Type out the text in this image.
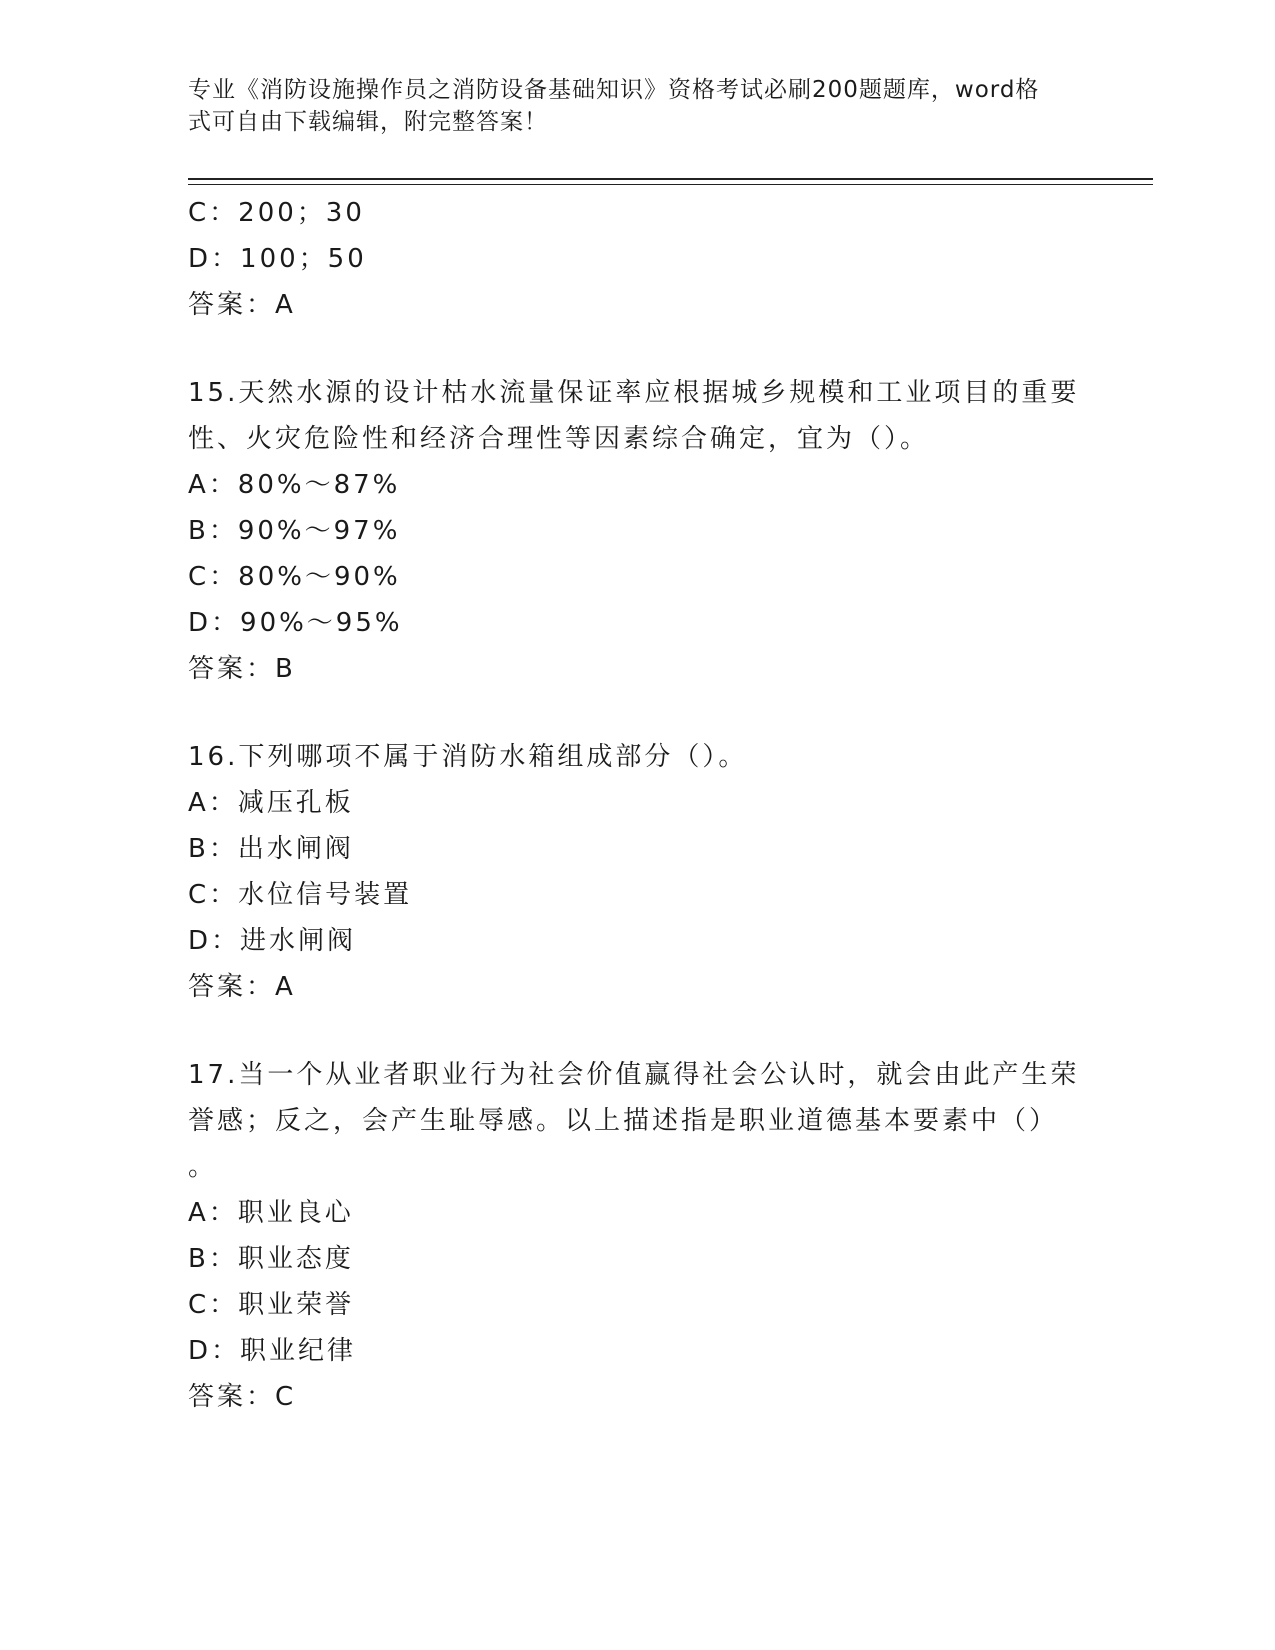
专业《消防设施操作员之消防设备基础知识》资格考试必刷200题题库，word格
式可自由下载编辑，附完整答案！
C：200；30
D：100；50
答案：A
15.天然水源的设计枯水流量保证率应根据城乡规模和工业项目的重要
性、火灾危险性和经济合理性等因素综合确定，宜为（）。
A：80%～87%
B：90%～97%
C：80%～90%
D：90%～95%
答案：B
16.下列哪项不属于消防水箱组成部分（）。
A：减压孔板
B：出水闸阀
C：水位信号装置
D：进水闸阀
答案：A
17.当一个从业者职业行为社会价值赢得社会公认时，就会由此产生荣
誉感；反之，会产生耻辱感。以上描述指是职业道德基本要素中（）
。
A：职业良心
B：职业态度
C：职业荣誉
D：职业纪律
答案：C
